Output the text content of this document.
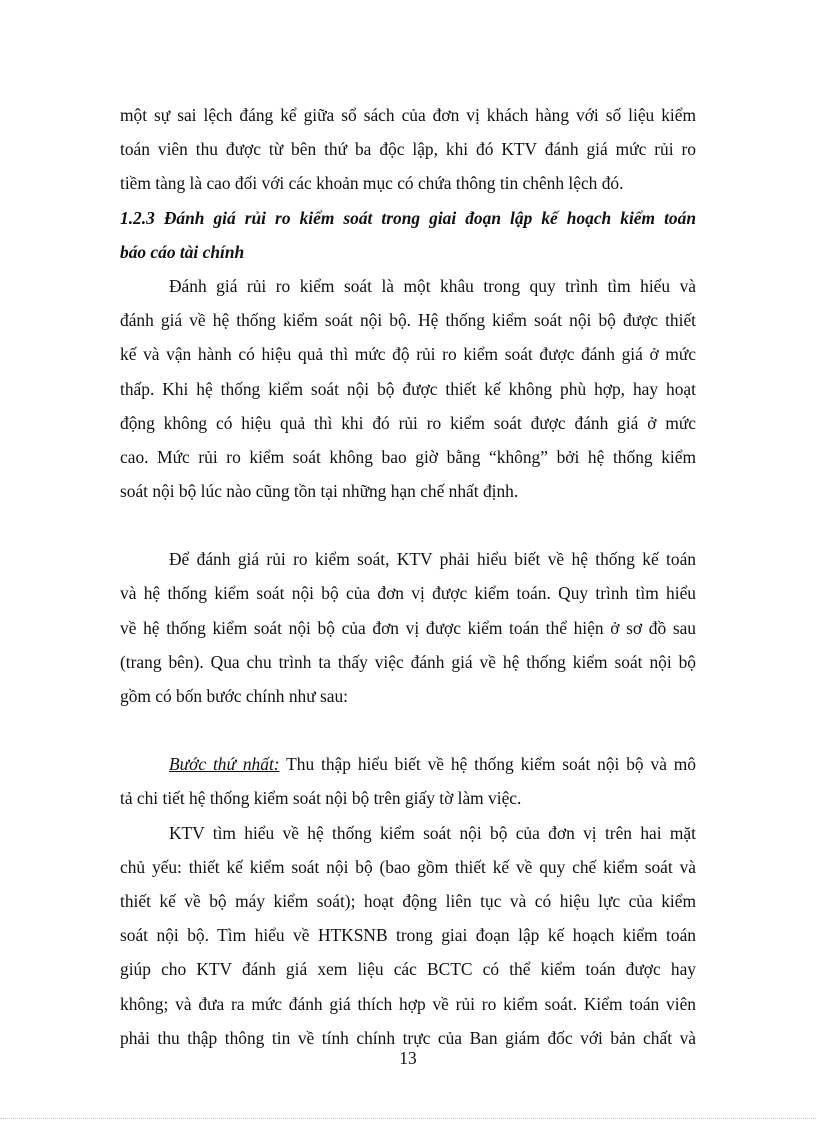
một sự sai lệch đáng kể giữa sổ sách của đơn vị khách hàng với số liệu kiểm
toán viên thu được từ bên thứ ba độc lập, khi đó KTV đánh giá mức rủi ro
tiềm tàng là cao đối với các khoản mục có chứa thông tin chênh lệch đó.
1.2.3 Đánh giá rủi ro kiểm soát trong giai đoạn lập kế hoạch kiểm toán
báo cáo tài chính
Đánh giá rủi ro kiểm soát là một khâu trong quy trình tìm hiểu và
đánh giá về hệ thống kiểm soát nội bộ. Hệ thống kiểm soát nội bộ được thiết
kế và vận hành có hiệu quả thì mức độ rủi ro kiểm soát được đánh giá ở mức
thấp. Khi hệ thống kiểm soát nội bộ được thiết kế không phù hợp, hay hoạt
động không có hiệu quả thì khi đó rủi ro kiểm soát được đánh giá ở mức
cao. Mức rủi ro kiểm soát không bao giờ bằng “không” bởi hệ thống kiểm
soát nội bộ lúc nào cũng tồn tại những hạn chế nhất định.
Để đánh giá rủi ro kiểm soát, KTV phải hiểu biết về hệ thống kế toán
và hệ thống kiểm soát nội bộ của đơn vị được kiểm toán. Quy trình tìm hiểu
về hệ thống kiểm soát nội bộ của đơn vị được kiểm toán thể hiện ở sơ đồ sau
(trang bên). Qua chu trình ta thấy việc đánh giá về hệ thống kiểm soát nội bộ
gồm có bốn bước chính như sau:
Bước thứ nhất: Thu thập hiểu biết về hệ thống kiểm soát nội bộ và mô
tả chi tiết hệ thống kiểm soát nội bộ trên giấy tờ làm việc.
KTV tìm hiểu về hệ thống kiểm soát nội bộ của đơn vị trên hai mặt
chủ yếu: thiết kế kiểm soát nội bộ (bao gồm thiết kế về quy chế kiểm soát và
thiết kế về bộ máy kiểm soát); hoạt động liên tục và có hiệu lực của kiểm
soát nội bộ. Tìm hiểu về HTKSNB trong giai đoạn lập kế hoạch kiểm toán
giúp cho KTV đánh giá xem liệu các BCTC có thể kiểm toán được hay
không; và đưa ra mức đánh giá thích hợp về rủi ro kiểm soát. Kiểm toán viên
phải thu thập thông tin về tính chính trực của Ban giám đốc với bản chất và
13
